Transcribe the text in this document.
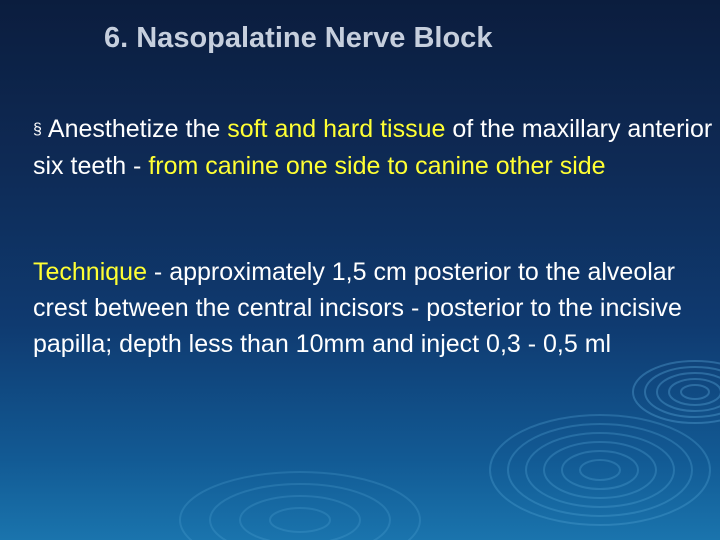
6. Nasopalatine Nerve Block
§ Anesthetize the soft and hard tissue of the maxillary anterior six teeth - from canine one side to canine other side
Technique - approximately 1,5 cm posterior to the alveolar crest between the central incisors - posterior to the incisive papilla; depth less than 10mm and inject 0,3 - 0,5 ml
